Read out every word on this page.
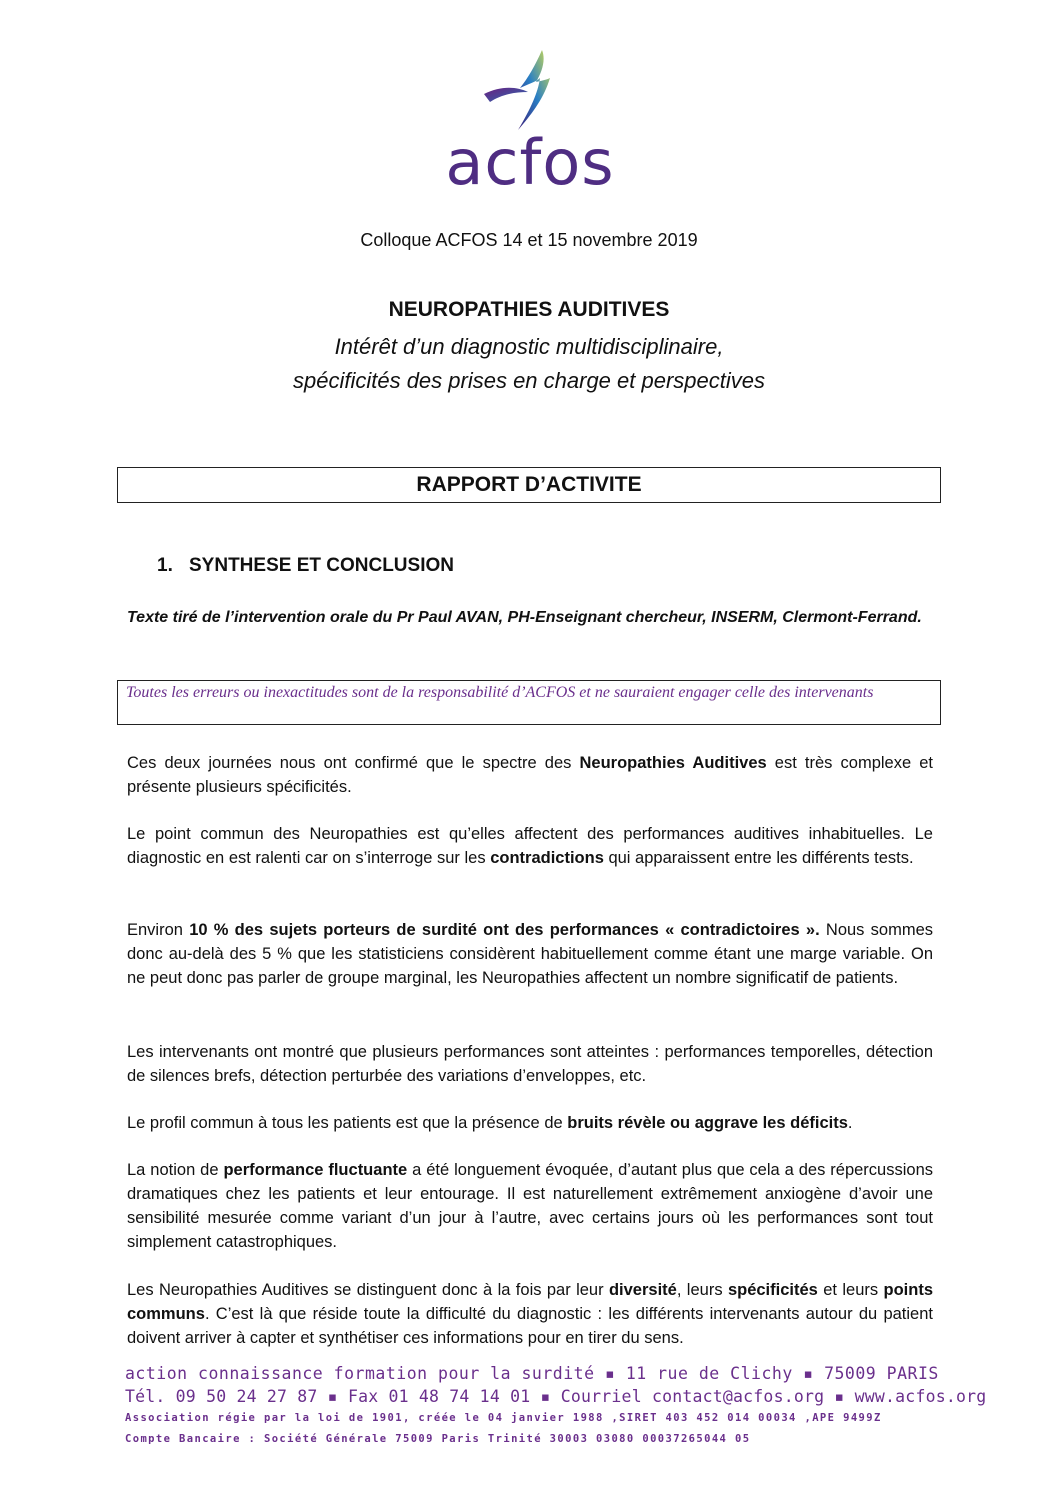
acfos
Colloque ACFOS 14 et 15 novembre 2019
NEUROPATHIES AUDITIVES
Intérêt d’un diagnostic multidisciplinaire,
spécificités des prises en charge et perspectives
RAPPORT D’ACTIVITE
1. SYNTHESE ET CONCLUSION
Texte tiré de l’intervention orale du Pr Paul AVAN, PH-Enseignant chercheur, INSERM, Clermont-Ferrand.
Toutes les erreurs ou inexactitudes sont de la responsabilité d’ACFOS et ne sauraient engager celle des intervenants
Ces deux journées nous ont confirmé que le spectre des Neuropathies Auditives est très complexe et présente plusieurs spécificités.
Le point commun des Neuropathies est qu’elles affectent des performances auditives inhabituelles. Le diagnostic en est ralenti car on s’interroge sur les contradictions qui apparaissent entre les différents tests.
Environ 10 % des sujets porteurs de surdité ont des performances « contradictoires ». Nous sommes donc au-delà des 5 % que les statisticiens considèrent habituellement comme étant une marge variable. On ne peut donc pas parler de groupe marginal, les Neuropathies affectent un nombre significatif de patients.
Les intervenants ont montré que plusieurs performances sont atteintes : performances temporelles, détection de silences brefs, détection perturbée des variations d’enveloppes, etc.
Le profil commun à tous les patients est que la présence de bruits révèle ou aggrave les déficits.
La notion de performance fluctuante a été longuement évoquée, d’autant plus que cela a des répercussions dramatiques chez les patients et leur entourage. Il est naturellement extrêmement anxiogène d’avoir une sensibilité mesurée comme variant d’un jour à l’autre, avec certains jours où les performances sont tout simplement catastrophiques.
Les Neuropathies Auditives se distinguent donc à la fois par leur diversité, leurs spécificités et leurs points communs. C’est là que réside toute la difficulté du diagnostic : les différents intervenants autour du patient doivent arriver à capter et synthétiser ces informations pour en tirer du sens.
action connaissance formation pour la surdité ▪ 11 rue de Clichy ▪ 75009 PARIS
Tél. 09 50 24 27 87 ▪ Fax 01 48 74 14 01 ▪ Courriel contact@acfos.org ▪ www.acfos.org
Association régie par la loi de 1901, créée le 04 janvier 1988 ,SIRET 403 452 014 00034 ,APE 9499Z
Compte Bancaire : Société Générale 75009 Paris Trinité 30003 03080 00037265044 05
